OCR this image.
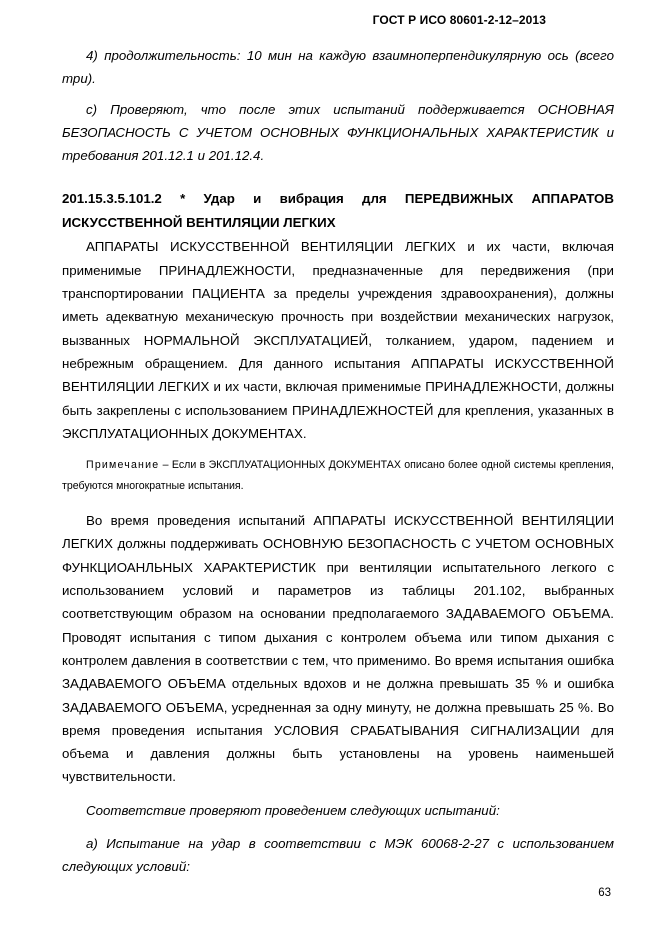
ГОСТ Р ИСО 80601-2-12–2013

4) продолжительность: 10 мин на каждую взаимноперпендикулярную ось (всего три).

с) Проверяют, что после этих испытаний поддерживается ОСНОВНАЯ БЕЗОПАСНОСТЬ С УЧЕТОМ ОСНОВНЫХ ФУНКЦИОНАЛЬНЫХ ХАРАКТЕРИСТИК и требования 201.12.1 и 201.12.4.

201.15.3.5.101.2 * Удар и вибрация для ПЕРЕДВИЖНЫХ АППАРАТОВ ИСКУССТВЕННОЙ ВЕНТИЛЯЦИИ ЛЕГКИХ

АППАРАТЫ ИСКУССТВЕННОЙ ВЕНТИЛЯЦИИ ЛЕГКИХ и их части, включая применимые ПРИНАДЛЕЖНОСТИ, предназначенные для передвижения (при транспортировании ПАЦИЕНТА за пределы учреждения здравоохранения), должны иметь адекватную механическую прочность при воздействии механических нагрузок, вызванных НОРМАЛЬНОЙ ЭКСПЛУАТАЦИЕЙ, толканием, ударом, падением и небрежным обращением. Для данного испытания АППАРАТЫ ИСКУССТВЕННОЙ ВЕНТИЛЯЦИИ ЛЕГКИХ и их части, включая применимые ПРИНАДЛЕЖНОСТИ, должны быть закреплены с использованием ПРИНАДЛЕЖНОСТЕЙ для крепления, указанных в ЭКСПЛУАТАЦИОННЫХ ДОКУМЕНТАХ.

Примечание – Если в ЭКСПЛУАТАЦИОННЫХ ДОКУМЕНТАХ описано более одной системы крепления, требуются многократные испытания.

Во время проведения испытаний АППАРАТЫ ИСКУССТВЕННОЙ ВЕНТИЛЯЦИИ ЛЕГКИХ должны поддерживать ОСНОВНУЮ БЕЗОПАСНОСТЬ С УЧЕТОМ ОСНОВНЫХ ФУНКЦИОАНЛЬНЫХ ХАРАКТЕРИСТИК при вентиляции испытательного легкого с использованием условий и параметров из таблицы 201.102, выбранных соответствующим образом на основании предполагаемого ЗАДАВАЕМОГО ОБЪЕМА. Проводят испытания с типом дыхания с контролем объема или типом дыхания с контролем давления в соответствии с тем, что применимо. Во время испытания ошибка ЗАДАВАЕМОГО ОБЪЕМА отдельных вдохов и не должна превышать 35 % и ошибка ЗАДАВАЕМОГО ОБЪЕМА, усредненная за одну минуту, не должна превышать 25 %. Во время проведения испытания УСЛОВИЯ СРАБАТЫВАНИЯ СИГНАЛИЗАЦИИ для объема и давления должны быть установлены на уровень наименьшей чувствительности.

Соответствие проверяют проведением следующих испытаний:

а) Испытание на удар в соответствии с МЭК 60068-2-27 с использованием следующих условий:

63
